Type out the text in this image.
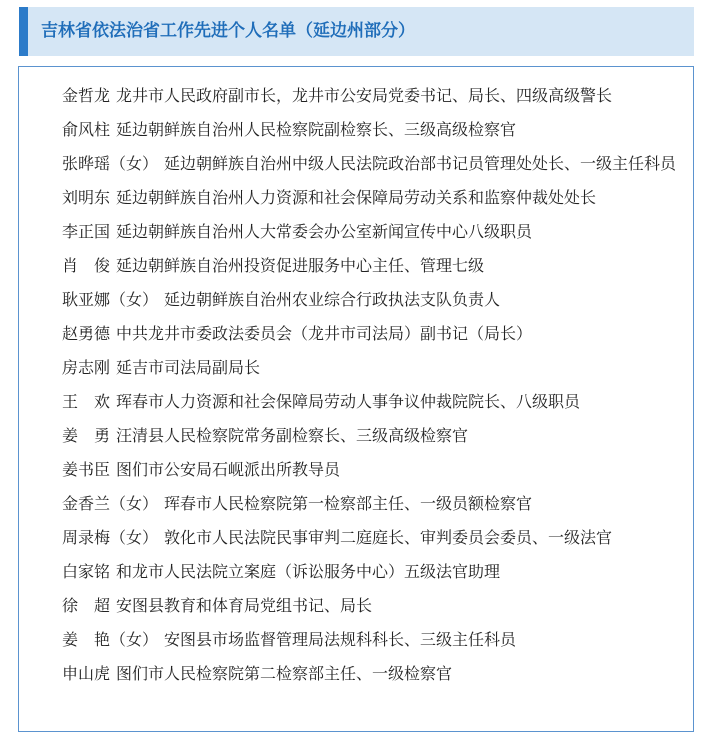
吉林省依法治省工作先进个人名单（延边州部分）

金哲龙 龙井市人民政府副市长，龙井市公安局党委书记、局长、四级高级警长

俞风柱 延边朝鲜族自治州人民检察院副检察长、三级高级检察官

张晔瑶（女） 延边朝鲜族自治州中级人民法院政治部书记员管理处处长、一级主任科员

刘明东 延边朝鲜族自治州人力资源和社会保障局劳动关系和监察仲裁处处长

李正国 延边朝鲜族自治州人大常委会办公室新闻宣传中心八级职员

肖　俊 延边朝鲜族自治州投资促进服务中心主任、管理七级

耿亚娜（女） 延边朝鲜族自治州农业综合行政执法支队负责人

赵勇德 中共龙井市委政法委员会（龙井市司法局）副书记（局长）

房志刚 延吉市司法局副局长

王　欢 珲春市人力资源和社会保障局劳动人事争议仲裁院院长、八级职员

姜　勇 汪清县人民检察院常务副检察长、三级高级检察官

姜书臣 图们市公安局石岘派出所教导员

金香兰（女） 珲春市人民检察院第一检察部主任、一级员额检察官

周录梅（女） 敦化市人民法院民事审判二庭庭长、审判委员会委员、一级法官

白家铭 和龙市人民法院立案庭（诉讼服务中心）五级法官助理

徐　超 安图县教育和体育局党组书记、局长

姜　艳（女） 安图县市场监督管理局法规科科长、三级主任科员

申山虎 图们市人民检察院第二检察部主任、一级检察官
